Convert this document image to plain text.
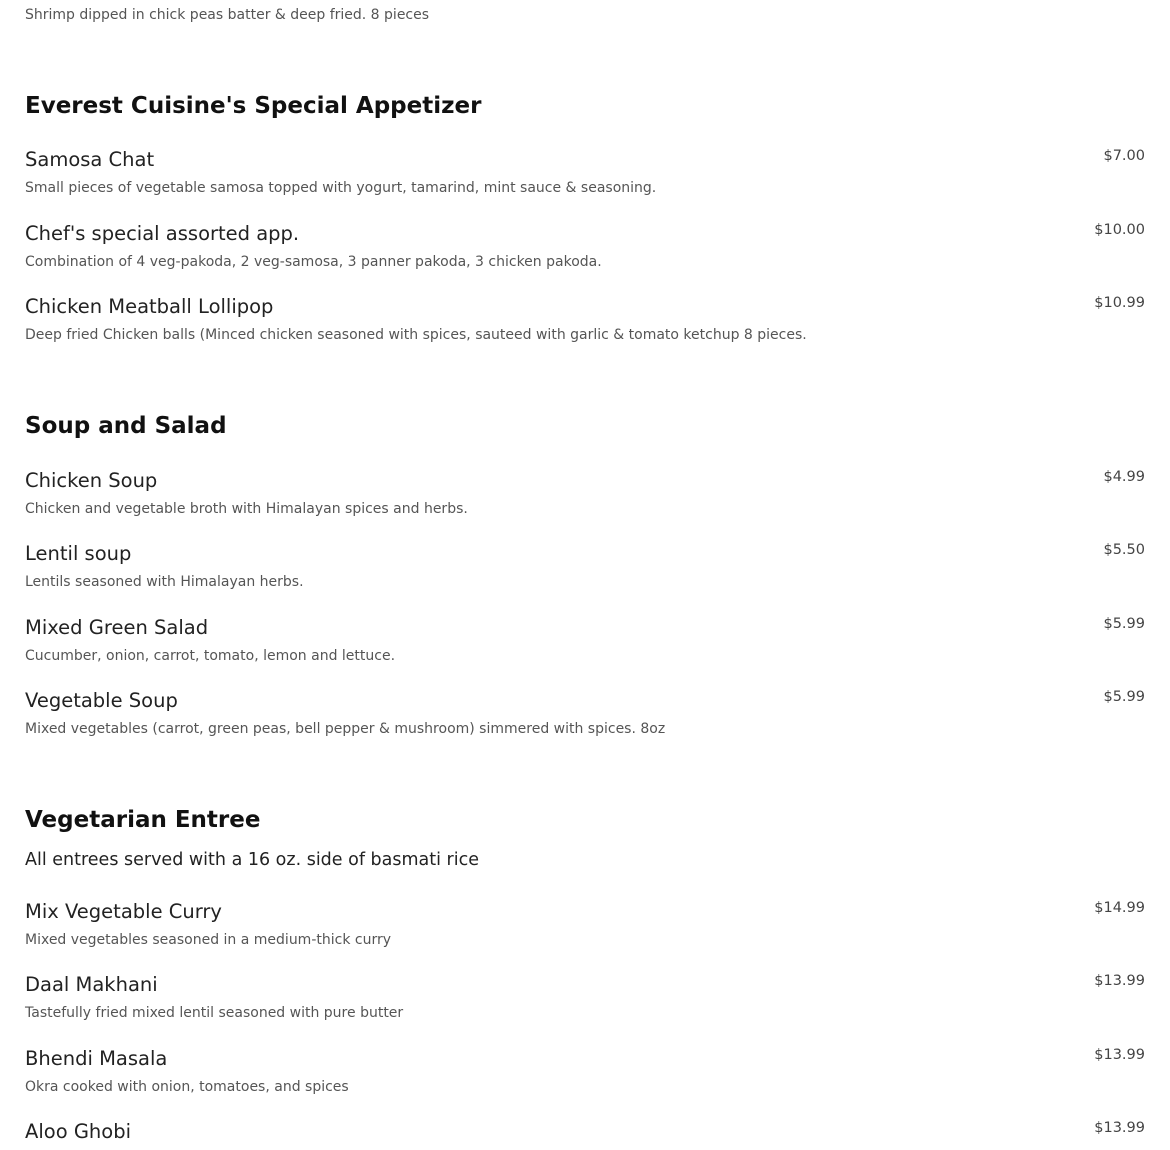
Shrimp dipped in chick peas batter & deep fried. 8 pieces
Everest Cuisine's Special Appetizer
Samosa Chat	$7.00
Small pieces of vegetable samosa topped with yogurt, tamarind, mint sauce & seasoning.
Chef's special assorted app.	$10.00
Combination of 4 veg-pakoda, 2 veg-samosa, 3 panner pakoda, 3 chicken pakoda.
Chicken Meatball Lollipop	$10.99
Deep fried Chicken balls (Minced chicken seasoned with spices, sauteed with garlic & tomato ketchup 8 pieces.
Soup and Salad
Chicken Soup	$4.99
Chicken and vegetable broth with Himalayan spices and herbs.
Lentil soup	$5.50
Lentils seasoned with Himalayan herbs.
Mixed Green Salad	$5.99
Cucumber, onion, carrot, tomato, lemon and lettuce.
Vegetable Soup	$5.99
Mixed vegetables (carrot, green peas, bell pepper & mushroom) simmered with spices. 8oz
Vegetarian Entree
All entrees served with a 16 oz. side of basmati rice
Mix Vegetable Curry	$14.99
Mixed vegetables seasoned in a medium-thick curry
Daal Makhani	$13.99
Tastefully fried mixed lentil seasoned with pure butter
Bhendi Masala	$13.99
Okra cooked with onion, tomatoes, and spices
Aloo Ghobi	$13.99
